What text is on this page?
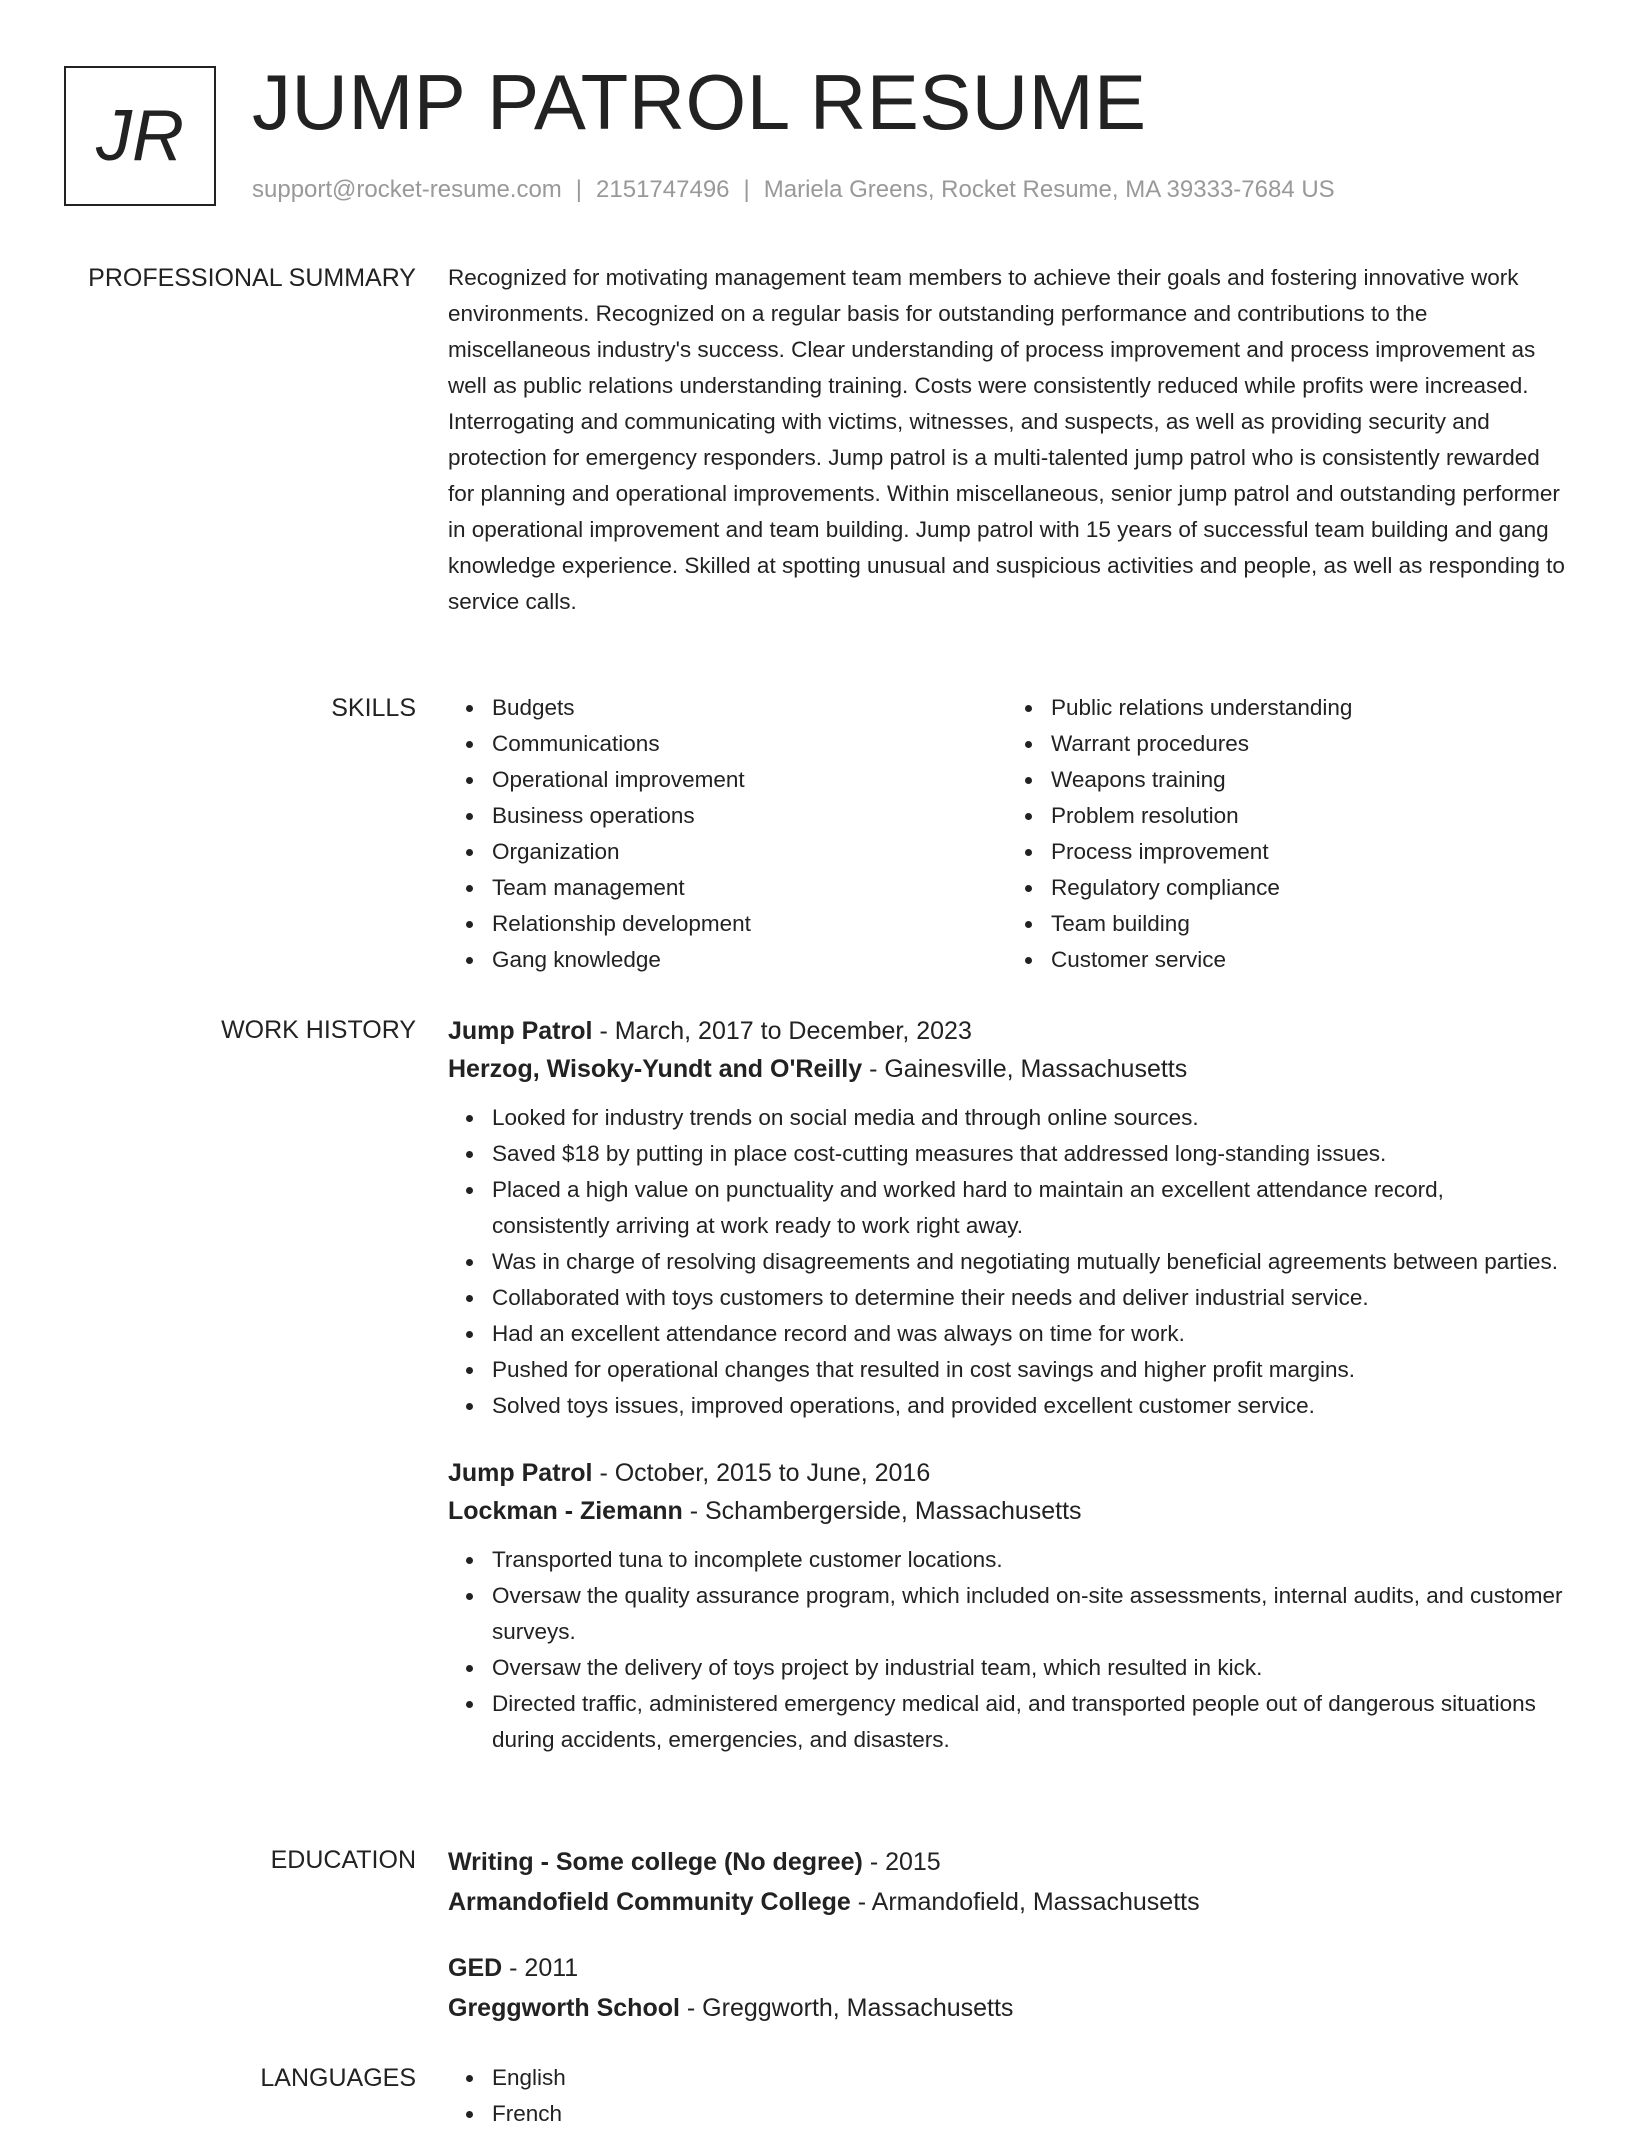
JR JUMP PATROL RESUME
support@rocket-resume.com | 2151747496 | Mariela Greens, Rocket Resume, MA 39333-7684 US
PROFESSIONAL SUMMARY Recognized for motivating management team members to achieve their goals and fostering innovative work environments. Recognized on a regular basis for outstanding performance and contributions to the miscellaneous industry's success. Clear understanding of process improvement and process improvement as well as public relations understanding training. Costs were consistently reduced while profits were increased. Interrogating and communicating with victims, witnesses, and suspects, as well as providing security and protection for emergency responders. Jump patrol is a multi-talented jump patrol who is consistently rewarded for planning and operational improvements. Within miscellaneous, senior jump patrol and outstanding performer in operational improvement and team building. Jump patrol with 15 years of successful team building and gang knowledge experience. Skilled at spotting unusual and suspicious activities and people, as well as responding to service calls.

SKILLS	Budgets
Communications
Operational improvement
Business operations
Organization
Team management
Relationship development
Gang knowledge
Public relations understanding
Warrant procedures
Weapons training
Problem resolution
Process improvement
Regulatory compliance
Team building
Customer service
WORK HISTORY Jump Patrol - March, 2017 to December, 2023
Herzog, Wisoky-Yundt and O'Reilly - Gainesville, Massachusetts
Looked for industry trends on social media and through online sources.
Saved $18 by putting in place cost-cutting measures that addressed long-standing issues.
Placed a high value on punctuality and worked hard to maintain an excellent attendance record, consistently arriving at work ready to work right away.
Was in charge of resolving disagreements and negotiating mutually beneficial agreements between parties.
Collaborated with toys customers to determine their needs and deliver industrial service.
Had an excellent attendance record and was always on time for work.
Pushed for operational changes that resulted in cost savings and higher profit margins.
Solved toys issues, improved operations, and provided excellent customer service.
Jump Patrol - October, 2015 to June, 2016
Lockman - Ziemann - Schambergerside, Massachusetts
Transported tuna to incomplete customer locations.
Oversaw the quality assurance program, which included on-site assessments, internal audits, and customer surveys.
Oversaw the delivery of toys project by industrial team, which resulted in kick.
Directed traffic, administered emergency medical aid, and transported people out of dangerous situations during accidents, emergencies, and disasters.
EDUCATION Writing - Some college (No degree) - 2015
Armandofield Community College - Armandofield, Massachusetts
GED - 2011
Greggworth School - Greggworth, Massachusetts
LANGUAGES	English
French
